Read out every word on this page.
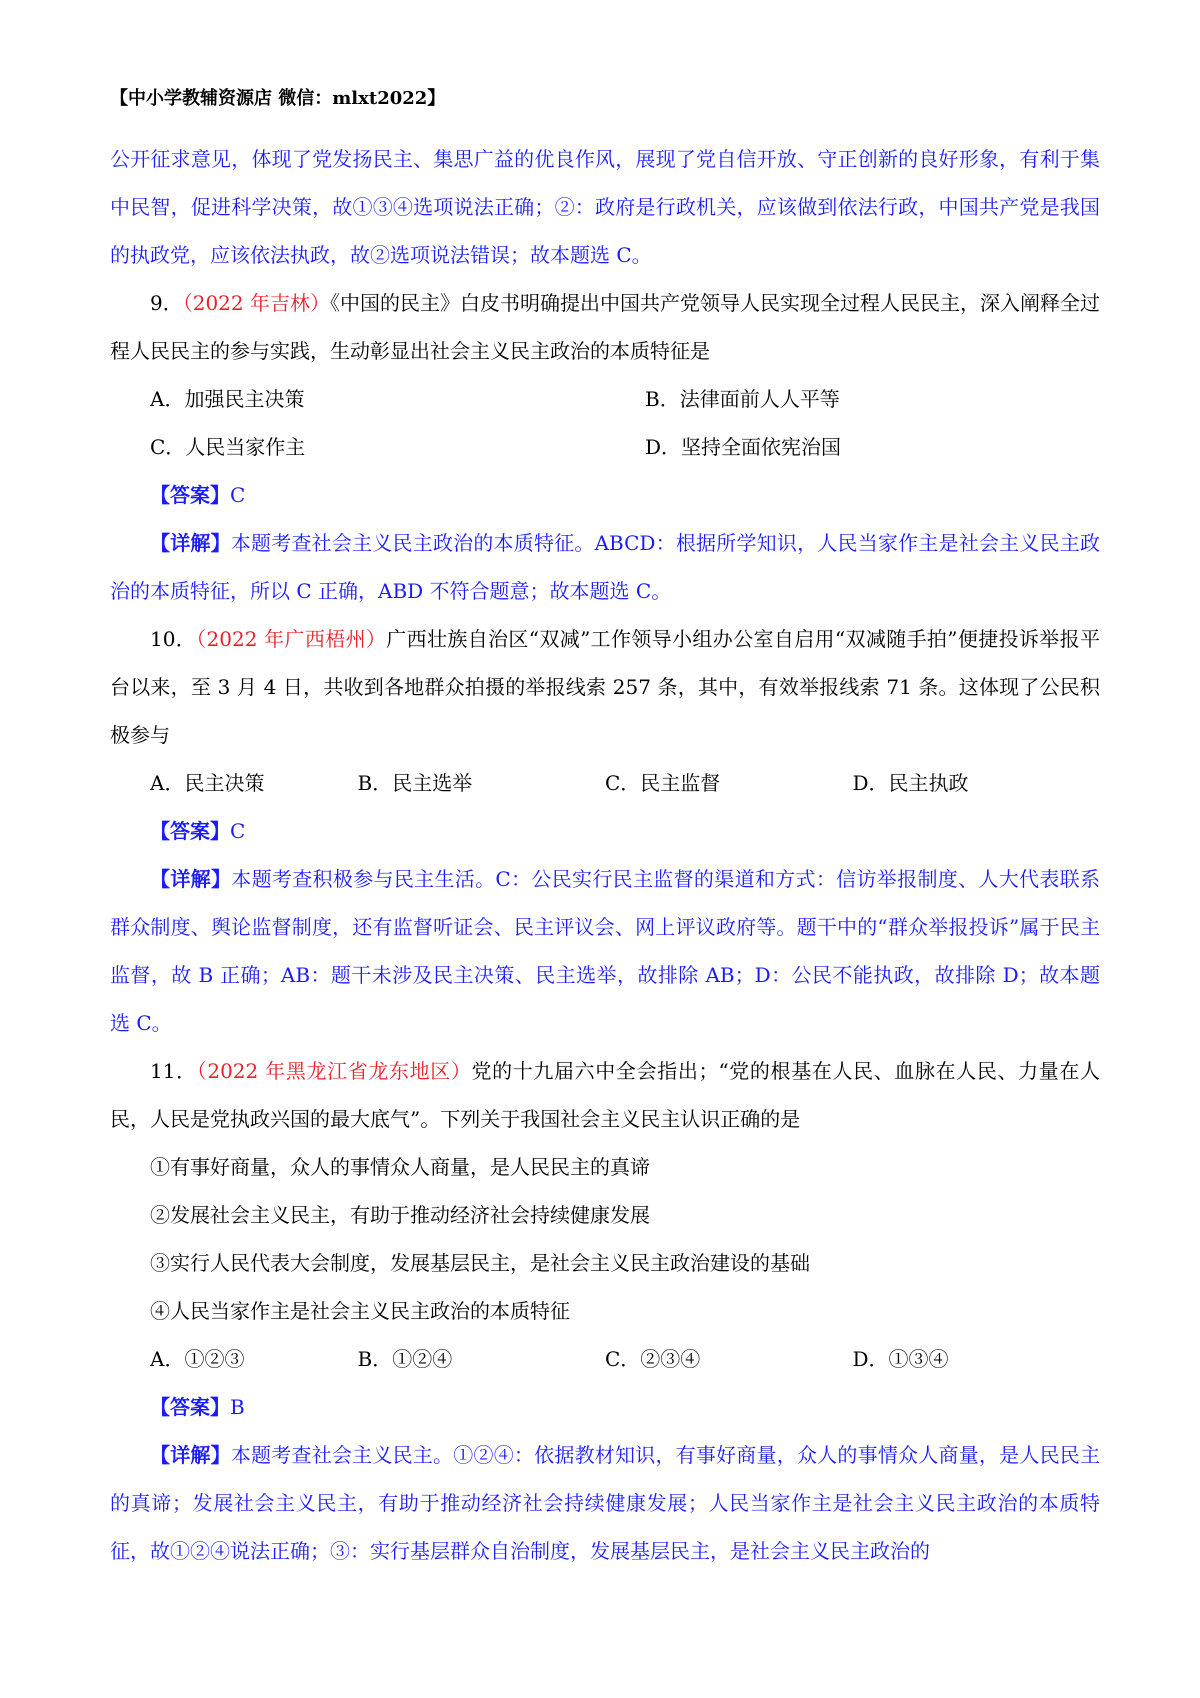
【中小学教辅资源店 微信：mlxt2022】

公开征求意见，体现了党发扬民主、集思广益的优良作风，展现了党自信开放、守正创新的良好形象，有利于集中民智，促进科学决策，故①③④选项说法正确；②：政府是行政机关，应该做到依法行政，中国共产党是我国的执政党，应该依法执政，故②选项说法错误；故本题选 C。

9．（2022 年吉林）《中国的民主》白皮书明确提出中国共产党领导人民实现全过程人民民主，深入阐释全过程人民民主的参与实践，生动彰显出社会主义民主政治的本质特征是

A．加强民主决策	B．法律面前人人平等
C．人民当家作主	D．坚持全面依宪治国

【答案】C

【详解】本题考查社会主义民主政治的本质特征。ABCD：根据所学知识，人民当家作主是社会主义民主政治的本质特征，所以 C 正确，ABD 不符合题意；故本题选 C。

10．（2022 年广西梧州）广西壮族自治区“双减”工作领导小组办公室自启用“双减随手拍”便捷投诉举报平台以来，至 3 月 4 日，共收到各地群众拍摄的举报线索 257 条，其中，有效举报线索 71 条。这体现了公民积极参与

A．民主决策	B．民主选举	C．民主监督	D．民主执政

【答案】C

【详解】本题考查积极参与民主生活。C：公民实行民主监督的渠道和方式：信访举报制度、人大代表联系群众制度、舆论监督制度，还有监督听证会、民主评议会、网上评议政府等。题干中的“群众举报投诉”属于民主监督，故 B 正确；AB：题干未涉及民主决策、民主选举，故排除 AB；D：公民不能执政，故排除 D；故本题选 C。

11．（2022 年黑龙江省龙东地区）党的十九届六中全会指出；“党的根基在人民、血脉在人民、力量在人民，人民是党执政兴国的最大底气”。下列关于我国社会主义民主认识正确的是

①有事好商量，众人的事情众人商量，是人民民主的真谛

②发展社会主义民主，有助于推动经济社会持续健康发展

③实行人民代表大会制度，发展基层民主，是社会主义民主政治建设的基础

④人民当家作主是社会主义民主政治的本质特征

A．①②③	B．①②④	C．②③④	D．①③④

【答案】B

【详解】本题考查社会主义民主。①②④：依据教材知识，有事好商量，众人的事情众人商量，是人民民主的真谛；发展社会主义民主，有助于推动经济社会持续健康发展；人民当家作主是社会主义民主政治的本质特征，故①②④说法正确；③：实行基层群众自治制度，发展基层民主，是社会主义民主政治的
